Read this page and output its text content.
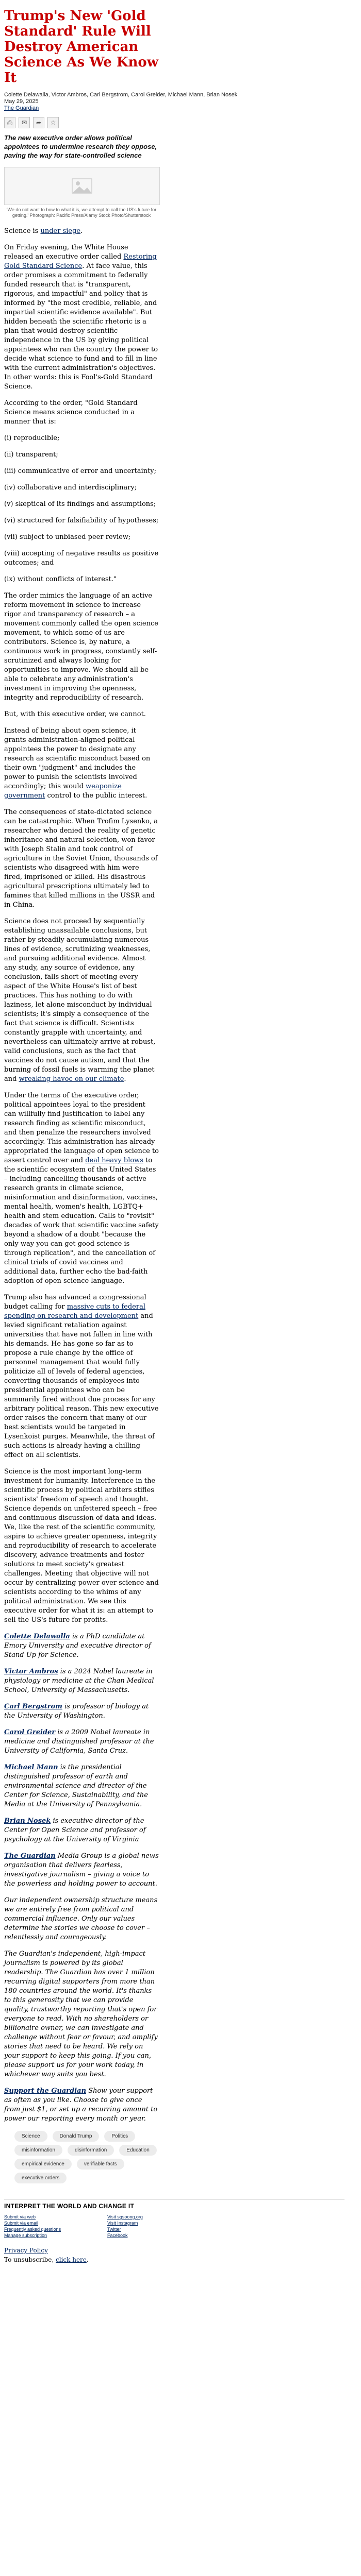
Trump's New 'Gold Standard' Rule Will Destroy American Science As We Know It
Colette Delawalla, Victor Ambros, Carl Bergstrom, Carol Greider, Michael Mann, Brian Nosek
May 29, 2025
The Guardian
⎙	✉	➦	☆
The new executive order allows political appointees to undermine research they oppose, paving the way for state-controlled science
'We do not want to bow to what it is, we attempt to call the US's future for getting.' Photograph: Pacific Press/Alamy Stock Photo/Shutterstock

Science is under siege.

On Friday evening, the White House released an executive order called Restoring Gold Standard Science. At face value, this order promises a commitment to federally funded research that is "transparent, rigorous, and impactful" and policy that is informed by "the most credible, reliable, and impartial scientific evidence available". But hidden beneath the scientific rhetoric is a plan that would destroy scientific independence in the US by giving political appointees who ran the country the power to decide what science to fund and to fill in line with the current administration's objectives. In other words: this is Fool's-Gold Standard Science.

According to the order, "Gold Standard Science means science conducted in a manner that is:

(i) reproducible;

(ii) transparent;

(iii) communicative of error and uncertainty;

(iv) collaborative and interdisciplinary;

(v) skeptical of its findings and assumptions;

(vi) structured for falsifiability of hypotheses;

(vii) subject to unbiased peer review;

(viii) accepting of negative results as positive outcomes; and

(ix) without conflicts of interest."

The order mimics the language of an active reform movement in science to increase rigor and transparency of research – a movement commonly called the open science movement, to which some of us are contributors. Science is, by nature, a continuous work in progress, constantly self-scrutinized and always looking for opportunities to improve. We should all be able to celebrate any administration's investment in improving the openness, integrity and reproducibility of research.

But, with this executive order, we cannot.

Instead of being about open science, it grants administration-aligned political appointees the power to designate any research as scientific misconduct based on their own "judgment" and includes the power to punish the scientists involved accordingly; this would weaponize government control to the public interest.

The consequences of state-dictated science can be catastrophic. When Trofim Lysenko, a researcher who denied the reality of genetic inheritance and natural selection, won favor with Joseph Stalin and took control of agriculture in the Soviet Union, thousands of scientists who disagreed with him were fired, imprisoned or killed. His disastrous agricultural prescriptions ultimately led to famines that killed millions in the USSR and in China.

Science does not proceed by sequentially establishing unassailable conclusions, but rather by steadily accumulating numerous lines of evidence, scrutinizing weaknesses, and pursuing additional evidence. Almost any study, any source of evidence, any conclusion, falls short of meeting every aspect of the White House's list of best practices. This has nothing to do with laziness, let alone misconduct by individual scientists; it's simply a consequence of the fact that science is difficult. Scientists constantly grapple with uncertainty, and nevertheless can ultimately arrive at robust, valid conclusions, such as the fact that vaccines do not cause autism, and that the burning of fossil fuels is warming the planet and wreaking havoc on our climate.

Under the terms of the executive order, political appointees loyal to the president can willfully find justification to label any research finding as scientific misconduct, and then penalize the researchers involved accordingly. This administration has already appropriated the language of open science to assert control over and deal heavy blows to the scientific ecosystem of the United States – including cancelling thousands of active research grants in climate science, misinformation and disinformation, vaccines, mental health, women's health, LGBTQ+ health and stem education. Calls to "revisit" decades of work that scientific vaccine safety beyond a shadow of a doubt "because the only way you can get good science is through replication", and the cancellation of clinical trials of covid vaccines and additional data, further echo the bad-faith adoption of open science language.

Trump also has advanced a congressional budget calling for massive cuts to federal spending on research and development and levied significant retaliation against universities that have not fallen in line with his demands. He has gone so far as to propose a rule change by the office of personnel management that would fully politicize all of levels of federal agencies, converting thousands of employees into presidential appointees who can be summarily fired without due process for any arbitrary political reason. This new executive order raises the concern that many of our best scientists would be targeted in Lysenkoist purges. Meanwhile, the threat of such actions is already having a chilling effect on all scientists.

Science is the most important long-term investment for humanity. Interference in the scientific process by political arbiters stifles scientists' freedom of speech and thought. Science depends on unfettered speech – free and continuous discussion of data and ideas. We, like the rest of the scientific community, aspire to achieve greater openness, integrity and reproducibility of research to accelerate discovery, advance treatments and foster solutions to meet society's greatest challenges. Meeting that objective will not occur by centralizing power over science and scientists according to the whims of any political administration. We see this executive order for what it is: an attempt to sell the US's future for profits.

Colette Delawalla is a PhD candidate at Emory University and executive director of Stand Up for Science.

Victor Ambros is a 2024 Nobel laureate in physiology or medicine at the Chan Medical School, University of Massachusetts.

Carl Bergstrom is professor of biology at the University of Washington.

Carol Greider is a 2009 Nobel laureate in medicine and distinguished professor at the University of California, Santa Cruz.

Michael Mann is the presidential distinguished professor of earth and environmental science and director of the Center for Science, Sustainability, and the Media at the University of Pennsylvania.

Brian Nosek is executive director of the Center for Open Science and professor of psychology at the University of Virginia

The Guardian Media Group is a global news organisation that delivers fearless, investigative journalism – giving a voice to the powerless and holding power to account.

Our independent ownership structure means we are entirely free from political and commercial influence. Only our values determine the stories we choose to cover – relentlessly and courageously.

The Guardian's independent, high-impact journalism is powered by its global readership. The Guardian has over 1 million recurring digital supporters from more than 180 countries around the world. It's thanks to this generosity that we can provide quality, trustworthy reporting that's open for everyone to read. With no shareholders or billionaire owner, we can investigate and challenge without fear or favour, and amplify stories that need to be heard. We rely on your support to keep this going. If you can, please support us for your work today, in whichever way suits you best.

Support the Guardian Show your support as often as you like. Choose to give once from just $1, or set up a recurring amount to power our reporting every month or year.

Science	Donald Trump	Politics
misinformation	disinformation	Education
empirical evidence	verifiable facts
executive orders
INTERPRET THE WORLD AND CHANGE IT
Submit via web
Submit via email
Frequently asked questions
Manage subscription
Visit sgsoong.org
Visit Instagram
Twitter
Facebook
Privacy Policy
To unsubscribe, click here.
